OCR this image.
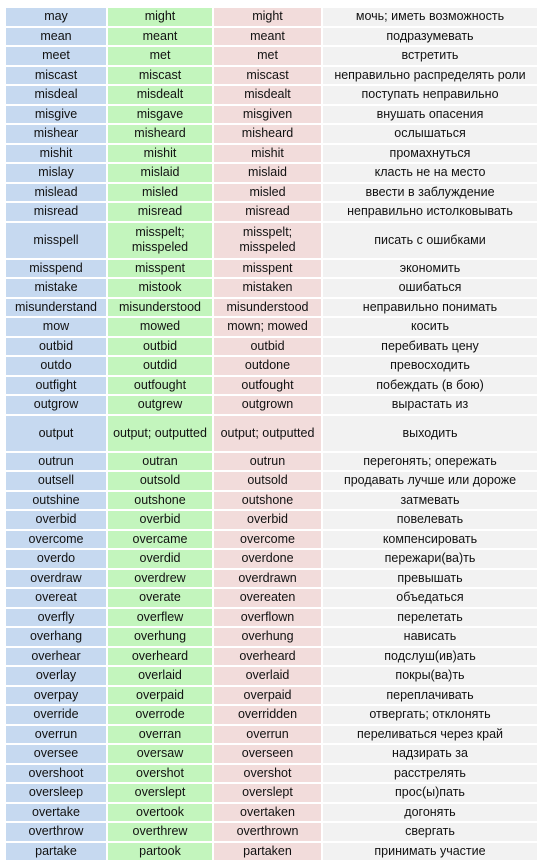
may	might	might	мочь; иметь возможность
mean	meant	meant	подразумевать
meet	met	met	встретить
miscast	miscast	miscast	неправильно распределять роли
misdeal	misdealt	misdealt	поступать неправильно
misgive	misgave	misgiven	внушать опасения
mishear	misheard	misheard	ослышаться
mishit	mishit	mishit	промахнуться
mislay	mislaid	mislaid	класть не на место
mislead	misled	misled	ввести в заблуждение
misread	misread	misread	неправильно истолковывать
misspell	misspelt; misspeled	misspelt; misspeled	писать с ошибками
misspend	misspent	misspent	экономить
mistake	mistook	mistaken	ошибаться
misunderstand	misunderstood	misunderstood	неправильно понимать
mow	mowed	mown; mowed	косить
outbid	outbid	outbid	перебивать цену
outdo	outdid	outdone	превосходить
outfight	outfought	outfought	побеждать (в бою)
outgrow	outgrew	outgrown	вырастать из
output	output; outputted	output; outputted	выходить
outrun	outran	outrun	перегонять; опережать
outsell	outsold	outsold	продавать лучше или дороже
outshine	outshone	outshone	затмевать
overbid	overbid	overbid	повелевать
overcome	overcame	overcome	компенсировать
overdo	overdid	overdone	пережари(ва)ть
overdraw	overdrew	overdrawn	превышать
overeat	overate	overeaten	объедаться
overfly	overflew	overflown	перелетать
overhang	overhung	overhung	нависать
overhear	overheard	overheard	подслуш(ив)ать
overlay	overlaid	overlaid	покры(ва)ть
overpay	overpaid	overpaid	переплачивать
override	overrode	overridden	отвергать; отклонять
overrun	overran	overrun	переливаться через край
oversee	oversaw	overseen	надзирать за
overshoot	overshot	overshot	расстрелять
oversleep	overslept	overslept	прос(ы)пать
overtake	overtook	overtaken	догонять
overthrow	overthrew	overthrown	свергать
partake	partook	partaken	принимать участие
